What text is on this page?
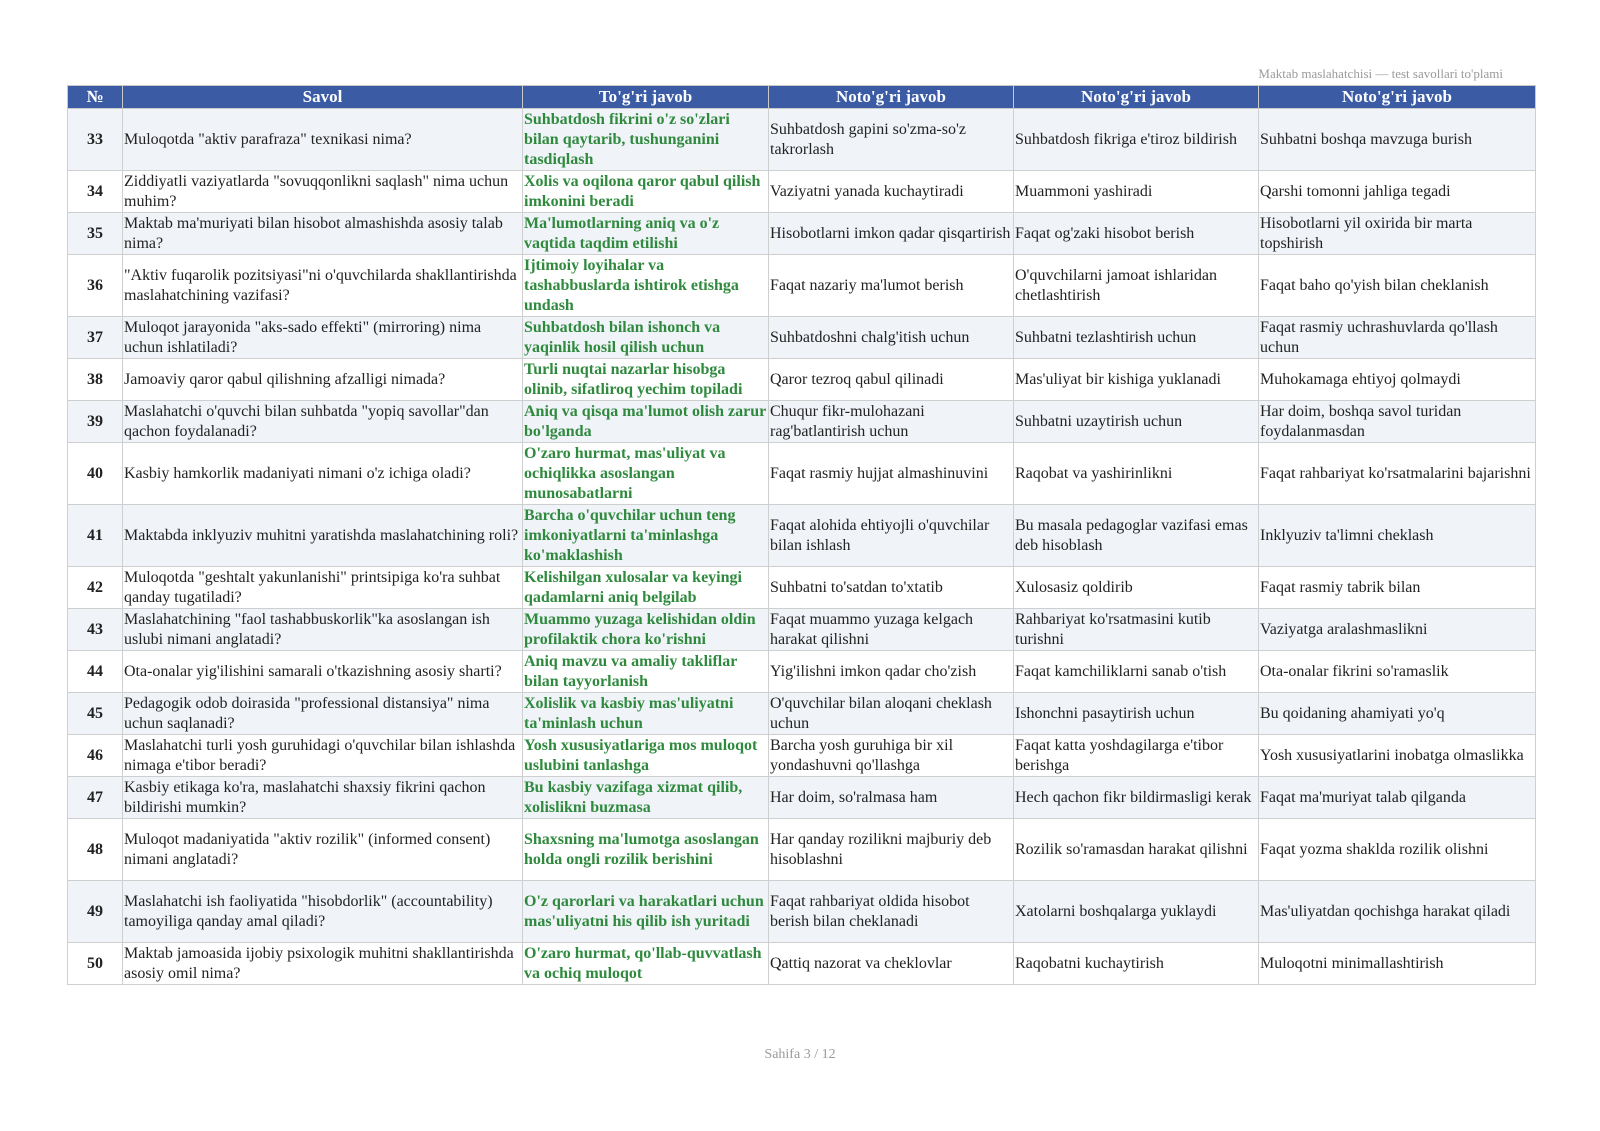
Maktab maslahatchisi — test savollari to'plami
№	Savol	To'g'ri javob	Noto'g'ri javob	Noto'g'ri javob	Noto'g'ri javob
33	Muloqotda "aktiv parafraza" texnikasi nima?	Suhbatdosh fikrini o'z so'zlari bilan qaytarib, tushunganini tasdiqlash	Suhbatdosh gapini so'zma-so'z takrorlash	Suhbatdosh fikriga e'tiroz bildirish	Suhbatni boshqa mavzuga burish
34	Ziddiyatli vaziyatlarda "sovuqqonlikni saqlash" nima uchun muhim?	Xolis va oqilona qaror qabul qilish imkonini beradi	Vaziyatni yanada kuchaytiradi	Muammoni yashiradi	Qarshi tomonni jahliga tegadi
35	Maktab ma'muriyati bilan hisobot almashishda asosiy talab nima?	Ma'lumotlarning aniq va o'z vaqtida taqdim etilishi	Hisobotlarni imkon qadar qisqartirish	Faqat og'zaki hisobot berish	Hisobotlarni yil oxirida bir marta topshirish
36	"Aktiv fuqarolik pozitsiyasi"ni o'quvchilarda shakllantirishda maslahatchining vazifasi?	Ijtimoiy loyihalar va tashabbuslarda ishtirok etishga undash	Faqat nazariy ma'lumot berish	O'quvchilarni jamoat ishlaridan chetlashtirish	Faqat baho qo'yish bilan cheklanish
37	Muloqot jarayonida "aks-sado effekti" (mirroring) nima uchun ishlatiladi?	Suhbatdosh bilan ishonch va yaqinlik hosil qilish uchun	Suhbatdoshni chalg'itish uchun	Suhbatni tezlashtirish uchun	Faqat rasmiy uchrashuvlarda qo'llash uchun
38	Jamoaviy qaror qabul qilishning afzalligi nimada?	Turli nuqtai nazarlar hisobga olinib, sifatliroq yechim topiladi	Qaror tezroq qabul qilinadi	Mas'uliyat bir kishiga yuklanadi	Muhokamaga ehtiyoj qolmaydi
39	Maslahatchi o'quvchi bilan suhbatda "yopiq savollar"dan qachon foydalanadi?	Aniq va qisqa ma'lumot olish zarur bo'lganda	Chuqur fikr-mulohazani rag'batlantirish uchun	Suhbatni uzaytirish uchun	Har doim, boshqa savol turidan foydalanmasdan
40	Kasbiy hamkorlik madaniyati nimani o'z ichiga oladi?	O'zaro hurmat, mas'uliyat va ochiqlikka asoslangan munosabatlarni	Faqat rasmiy hujjat almashinuvini	Raqobat va yashirinlikni	Faqat rahbariyat ko'rsatmalarini bajarishni
41	Maktabda inklyuziv muhitni yaratishda maslahatchining roli?	Barcha o'quvchilar uchun teng imkoniyatlarni ta'minlashga ko'maklashish	Faqat alohida ehtiyojli o'quvchilar bilan ishlash	Bu masala pedagoglar vazifasi emas deb hisoblash	Inklyuziv ta'limni cheklash
42	Muloqotda "geshtalt yakunlanishi" printsipiga ko'ra suhbat qanday tugatiladi?	Kelishilgan xulosalar va keyingi qadamlarni aniq belgilab	Suhbatni to'satdan to'xtatib	Xulosasiz qoldirib	Faqat rasmiy tabrik bilan
43	Maslahatchining "faol tashabbuskorlik"ka asoslangan ish uslubi nimani anglatadi?	Muammo yuzaga kelishidan oldin profilaktik chora ko'rishni	Faqat muammo yuzaga kelgach harakat qilishni	Rahbariyat ko'rsatmasini kutib turishni	Vaziyatga aralashmaslikni
44	Ota-onalar yig'ilishini samarali o'tkazishning asosiy sharti?	Aniq mavzu va amaliy takliflar bilan tayyorlanish	Yig'ilishni imkon qadar cho'zish	Faqat kamchiliklarni sanab o'tish	Ota-onalar fikrini so'ramaslik
45	Pedagogik odob doirasida "professional distansiya" nima uchun saqlanadi?	Xolislik va kasbiy mas'uliyatni ta'minlash uchun	O'quvchilar bilan aloqani cheklash uchun	Ishonchni pasaytirish uchun	Bu qoidaning ahamiyati yo'q
46	Maslahatchi turli yosh guruhidagi o'quvchilar bilan ishlashda nimaga e'tibor beradi?	Yosh xususiyatlariga mos muloqot uslubini tanlashga	Barcha yosh guruhiga bir xil yondashuvni qo'llashga	Faqat katta yoshdagilarga e'tibor berishga	Yosh xususiyatlarini inobatga olmaslikka
47	Kasbiy etikaga ko'ra, maslahatchi shaxsiy fikrini qachon bildirishi mumkin?	Bu kasbiy vazifaga xizmat qilib, xolislikni buzmasa	Har doim, so'ralmasa ham	Hech qachon fikr bildirmasligi kerak	Faqat ma'muriyat talab qilganda
48	Muloqot madaniyatida "aktiv rozilik" (informed consent) nimani anglatadi?	Shaxsning ma'lumotga asoslangan holda ongli rozilik berishini	Har qanday rozilikni majburiy deb hisoblashni	Rozilik so'ramasdan harakat qilishni	Faqat yozma shaklda rozilik olishni
49	Maslahatchi ish faoliyatida "hisobdorlik" (accountability) tamoyiliga qanday amal qiladi?	O'z qarorlari va harakatlari uchun mas'uliyatni his qilib ish yuritadi	Faqat rahbariyat oldida hisobot berish bilan cheklanadi	Xatolarni boshqalarga yuklaydi	Mas'uliyatdan qochishga harakat qiladi
50	Maktab jamoasida ijobiy psixologik muhitni shakllantirishda asosiy omil nima?	O'zaro hurmat, qo'llab-quvvatlash va ochiq muloqot	Qattiq nazorat va cheklovlar	Raqobatni kuchaytirish	Muloqotni minimallashtirish
Sahifa 3 / 12
